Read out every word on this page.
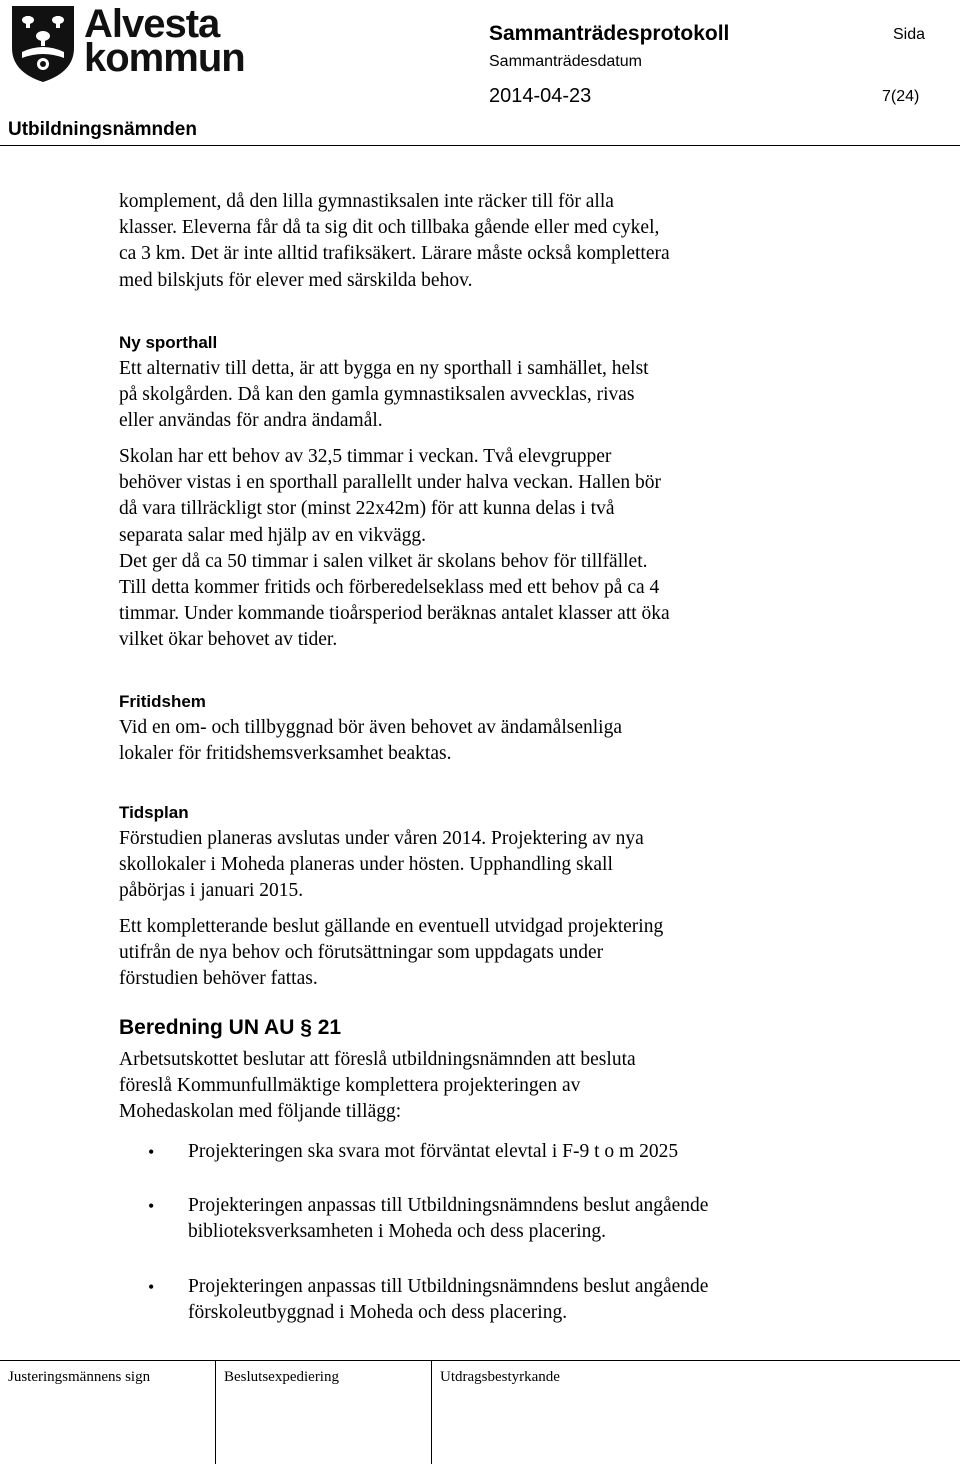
Alvesta
kommun
Sammanträdesprotokoll	Sida
Sammanträdesdatum
2014-04-23	7(24)
Utbildningsnämnden

komplement, då den lilla gymnastiksalen inte räcker till för alla

klasser. Eleverna får då ta sig dit och tillbaka gående eller med cykel,

ca 3 km. Det är inte alltid trafiksäkert. Lärare måste också komplettera

med bilskjuts för elever med särskilda behov.

Ny sporthall

Ett alternativ till detta, är att bygga en ny sporthall i samhället, helst

på skolgården. Då kan den gamla gymnastiksalen avvecklas, rivas

eller användas för andra ändamål.

Skolan har ett behov av 32,5 timmar i veckan. Två elevgrupper

behöver vistas i en sporthall parallellt under halva veckan. Hallen bör

då vara tillräckligt stor (minst 22x42m) för att kunna delas i två

separata salar med hjälp av en vikvägg.

Det ger då ca 50 timmar i salen vilket är skolans behov för tillfället.

Till detta kommer fritids och förberedelseklass med ett behov på ca 4

timmar. Under kommande tioårsperiod beräknas antalet klasser att öka

vilket ökar behovet av tider.

Fritidshem

Vid en om- och tillbyggnad bör även behovet av ändamålsenliga

lokaler för fritidshemsverksamhet beaktas.

Tidsplan

Förstudien planeras avslutas under våren 2014. Projektering av nya

skollokaler i Moheda planeras under hösten. Upphandling skall

påbörjas i januari 2015.

Ett kompletterande beslut gällande en eventuell utvidgad projektering

utifrån de nya behov och förutsättningar som uppdagats under

förstudien behöver fattas.

Beredning UN AU § 21

Arbetsutskottet beslutar att föreslå utbildningsnämnden att besluta

föreslå Kommunfullmäktige komplettera projekteringen av

Mohedaskolan med följande tillägg:

• Projekteringen ska svara mot förväntat elevtal i F-9 t o m 2025

• Projekteringen anpassas till Utbildningsnämndens beslut angående

biblioteksverksamheten i Moheda och dess placering.

• Projekteringen anpassas till Utbildningsnämndens beslut angående

förskoleutbyggnad i Moheda och dess placering.

Justeringsmännens sign	Beslutsexpediering	Utdragsbestyrkande
